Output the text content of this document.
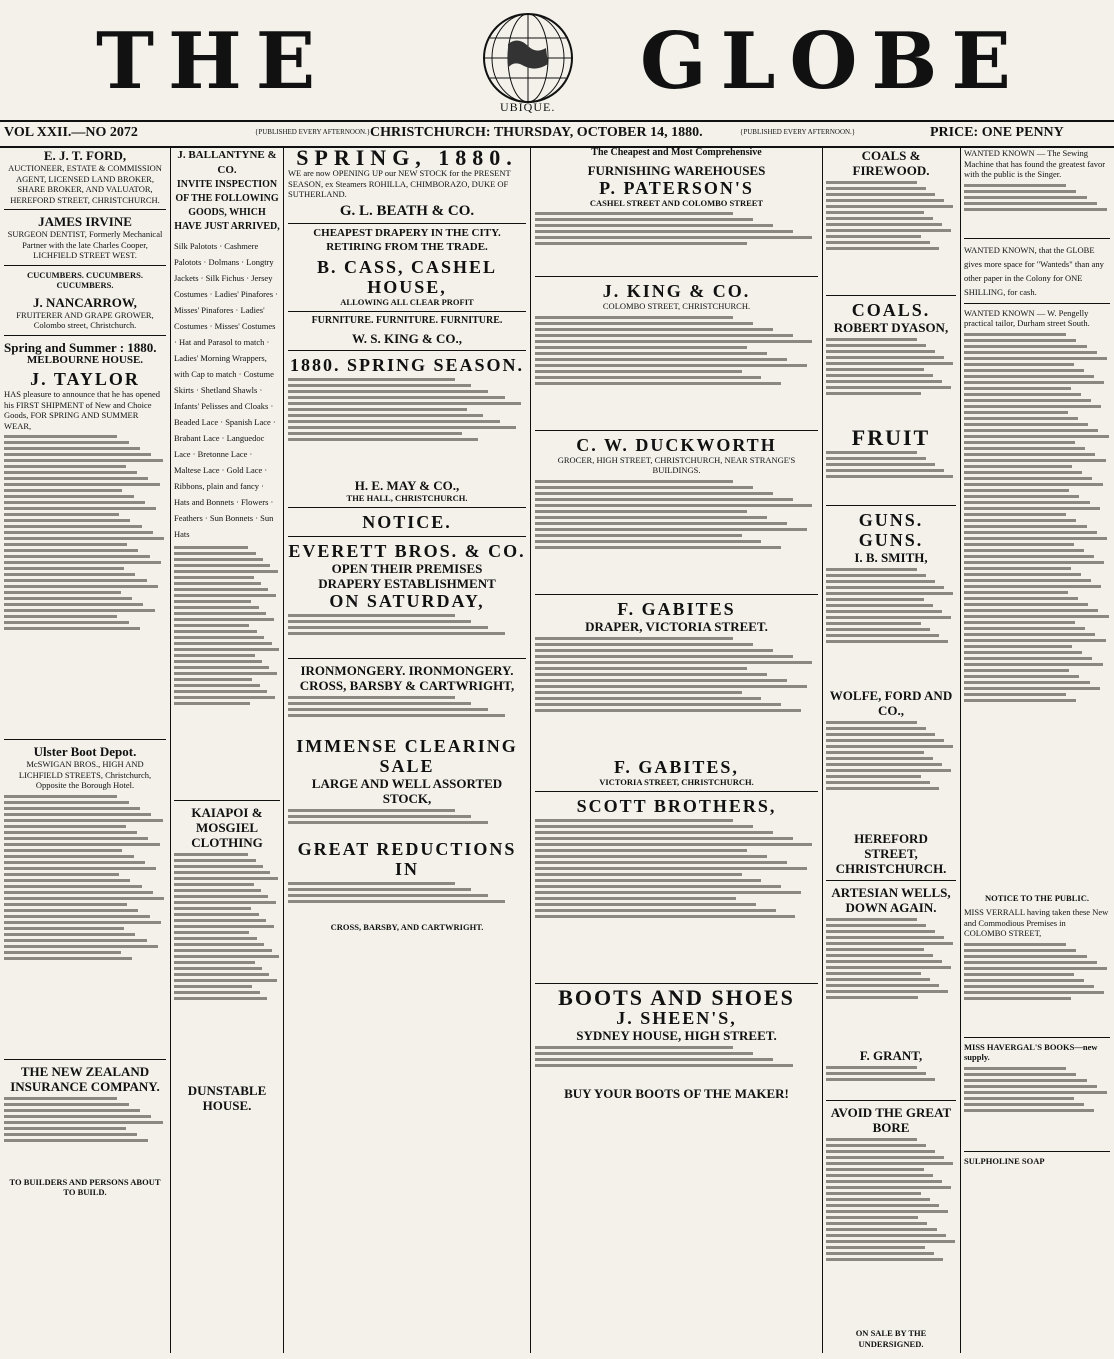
THE	UBIQUE. GLOBE
VOL XXII.—NO 2072	{PUBLISHED EVERY AFTERNOON.} CHRISTCHURCH: THURSDAY, OCTOBER 14, 1880.	{PUBLISHED EVERY AFTERNOON.}	PRICE: ONE PENNY
E. J. T. FORD,

AUCTIONEER, ESTATE & COMMISSION AGENT, LICENSED LAND BROKER, SHARE BROKER, AND VALUATOR, HEREFORD STREET, CHRISTCHURCH.

JAMES IRVINE

SURGEON DENTIST, Formerly Mechanical Partner with the late Charles Cooper, LICHFIELD STREET WEST.

CUCUMBERS. CUCUMBERS. CUCUMBERS.

J. NANCARROW,

FRUITERER AND GRAPE GROWER, Colombo street, Christchurch.

Spring and Summer : 1880.

MELBOURNE HOUSE.

J. TAYLOR

HAS pleasure to announce that he has opened his FIRST SHIPMENT of New and Choice Goods, FOR SPRING AND SUMMER WEAR,

Ulster Boot Depot.

McSWIGAN BROS., HIGH AND LICHFIELD STREETS, Christchurch, Opposite the Borough Hotel.

THE NEW ZEALAND INSURANCE COMPANY.

TO BUILDERS AND PERSONS ABOUT TO BUILD.

J. BALLANTYNE & CO.

INVITE INSPECTION OF THE FOLLOWING GOODS, WHICH HAVE JUST ARRIVED,

Silk Palotots · Cashmere Palotots · Dolmans · Longtry Jackets · Silk Fichus · Jersey Costumes · Ladies' Pinafores · Misses' Pinafores · Ladies' Costumes · Misses' Costumes · Hat and Parasol to match · Ladies' Morning Wrappers, with Cap to match · Costume Skirts · Shetland Shawls · Infants' Pelisses and Cloaks · Beaded Lace · Spanish Lace · Brabant Lace · Languedoc Lace · Bretonne Lace · Maltese Lace · Gold Lace · Ribbons, plain and fancy · Hats and Bonnets · Flowers · Feathers · Sun Bonnets · Sun Hats

KAIAPOI & MOSGIEL CLOTHING
DUNSTABLE HOUSE.
SPRING, 1880.

WE are now OPENING UP our NEW STOCK for the PRESENT SEASON, ex Steamers ROHILLA, CHIMBORAZO, DUKE OF SUTHERLAND.

G. L. BEATH & CO.

CHEAPEST DRAPERY IN THE CITY.

RETIRING FROM THE TRADE.

B. CASS, CASHEL HOUSE,

ALLOWING ALL CLEAR PROFIT

FURNITURE. FURNITURE. FURNITURE.

W. S. KING & CO.,
1880. SPRING SEASON.
H. E. MAY & CO.,

THE HALL, CHRISTCHURCH.

NOTICE.
EVERETT BROS. & CO.
OPEN THEIR PREMISES
DRAPERY ESTABLISHMENT
ON SATURDAY,
IRONMONGERY. IRONMONGERY.
CROSS, BARSBY & CARTWRIGHT,
IMMENSE CLEARING SALE
LARGE AND WELL ASSORTED STOCK,
GREAT REDUCTIONS IN

CROSS, BARSBY, AND CARTWRIGHT.

The Cheapest and Most Comprehensive

FURNISHING WAREHOUSES
P. PATERSON'S

CASHEL STREET AND COLOMBO STREET

J. KING & CO.

COLOMBO STREET, CHRISTCHURCH.

C. W. DUCKWORTH

GROCER, HIGH STREET, CHRISTCHURCH, NEAR STRANGE'S BUILDINGS.

F. GABITES
DRAPER, VICTORIA STREET.
F. GABITES,

VICTORIA STREET, CHRISTCHURCH.

SCOTT BROTHERS,
BOOTS AND SHOES
J. SHEEN'S,
SYDNEY HOUSE, HIGH STREET.
BUY YOUR BOOTS OF THE MAKER!
COALS & FIREWOOD.
COALS.
ROBERT DYASON,
FRUIT
GUNS. GUNS.
I. B. SMITH,
WOLFE, FORD AND CO.,
HEREFORD STREET, CHRISTCHURCH.
ARTESIAN WELLS, DOWN AGAIN.
F. GRANT,
AVOID THE GREAT BORE

ON SALE BY THE UNDERSIGNED.

WANTED KNOWN — The Sewing Machine that has found the greatest favor with the public is the Singer.

WANTED KNOWN, that the GLOBE gives more space for "Wanteds" than any other paper in the Colony for ONE SHILLING, for cash.

WANTED KNOWN — W. Pengelly practical tailor, Durham street South.

NOTICE TO THE PUBLIC.

MISS VERRALL having taken these New and Commodious Premises in COLOMBO STREET,

MISS HAVERGAL'S BOOKS—new supply.

SULPHOLINE SOAP
